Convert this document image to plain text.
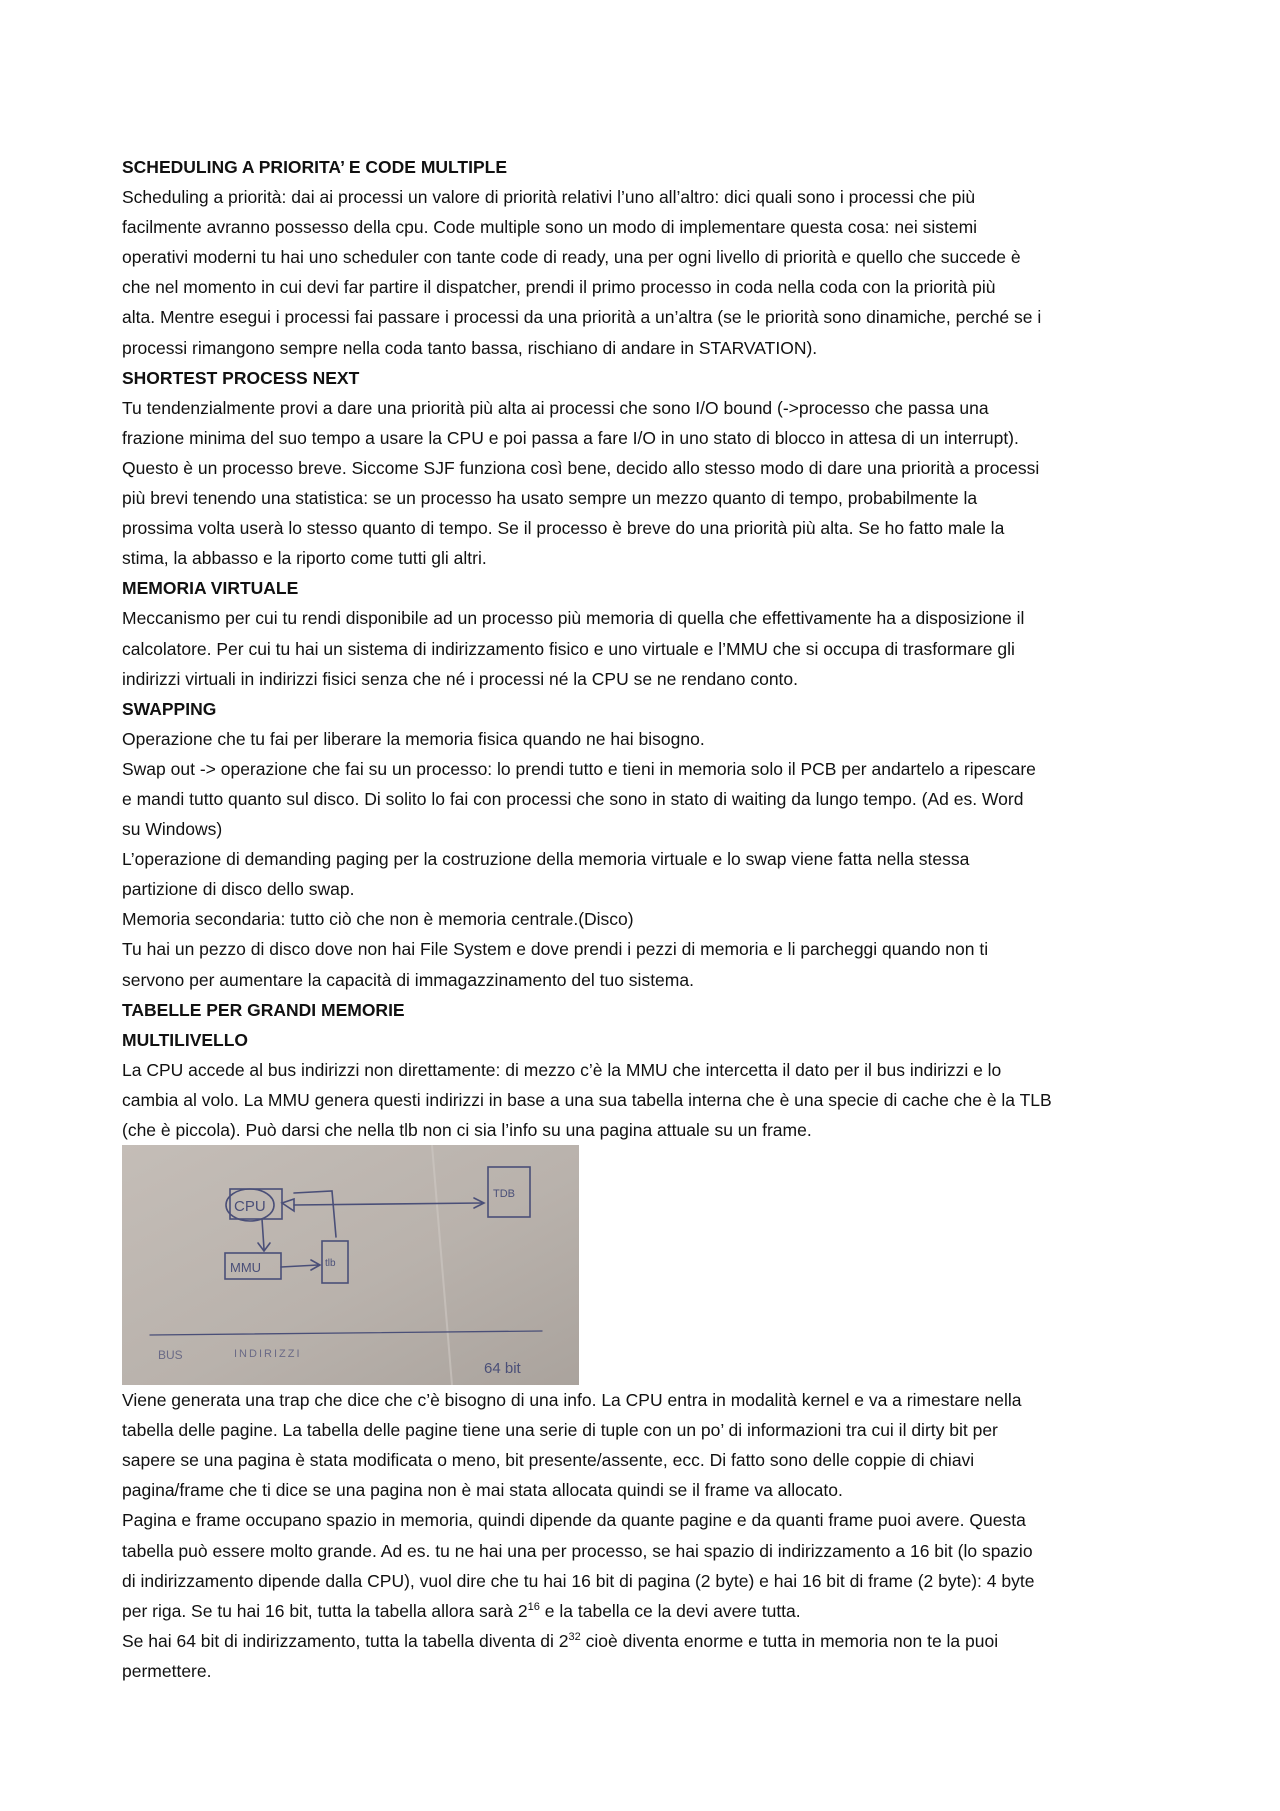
SCHEDULING A PRIORITA’ E CODE MULTIPLE

Scheduling a priorità: dai ai processi un valore di priorità relativi l’uno all’altro: dici quali sono i processi che più

facilmente avranno possesso della cpu. Code multiple sono un modo di implementare questa cosa: nei sistemi

operativi moderni tu hai uno scheduler con tante code di ready, una per ogni livello di priorità e quello che succede è

che nel momento in cui devi far partire il dispatcher, prendi il primo processo in coda nella coda con la priorità più

alta. Mentre esegui i processi fai passare i processi da una priorità a un’altra (se le priorità sono dinamiche, perché se i

processi rimangono sempre nella coda tanto bassa, rischiano di andare in STARVATION).

SHORTEST PROCESS NEXT

Tu tendenzialmente provi a dare una priorità più alta ai processi che sono I/O bound (->processo che passa una

frazione minima del suo tempo a usare la CPU e poi passa a fare I/O in uno stato di blocco in attesa di un interrupt).

Questo è un processo breve. Siccome SJF funziona così bene, decido allo stesso modo di dare una priorità a processi

più brevi tenendo una statistica: se un processo ha usato sempre un mezzo quanto di tempo, probabilmente la

prossima volta userà lo stesso quanto di tempo. Se il processo è breve do una priorità più alta. Se ho fatto male la

stima, la abbasso e la riporto come tutti gli altri.

MEMORIA VIRTUALE

Meccanismo per cui tu rendi disponibile ad un processo più memoria di quella che effettivamente ha a disposizione il

calcolatore. Per cui tu hai un sistema di indirizzamento fisico e uno virtuale e l’MMU che si occupa di trasformare gli

indirizzi virtuali in indirizzi fisici senza che né i processi né la CPU se ne rendano conto.

SWAPPING

Operazione che tu fai per liberare la memoria fisica quando ne hai bisogno.

Swap out -> operazione che fai su un processo: lo prendi tutto e tieni in memoria solo il PCB per andartelo a ripescare

e mandi tutto quanto sul disco. Di solito lo fai con processi che sono in stato di waiting da lungo tempo. (Ad es. Word

su Windows)

L’operazione di demanding paging per la costruzione della memoria virtuale e lo swap viene fatta nella stessa

partizione di disco dello swap.

Memoria secondaria: tutto ciò che non è memoria centrale.(Disco)

Tu hai un pezzo di disco dove non hai File System e dove prendi i pezzi di memoria e li parcheggi quando non ti

servono per aumentare la capacità di immagazzinamento del tuo sistema.

TABELLE PER GRANDI MEMORIE

MULTILIVELLO

La CPU accede al bus indirizzi non direttamente: di mezzo c’è la MMU che intercetta il dato per il bus indirizzi e lo

cambia al volo. La MMU genera questi indirizzi in base a una sua tabella interna che è una specie di cache che è la TLB

(che è piccola). Può darsi che nella tlb non ci sia l’info su una pagina attuale su un frame.

CPU
MMU	tlb
TDB
BUS	INDIRIZZI
64 bit

Viene generata una trap che dice che c’è bisogno di una info. La CPU entra in modalità kernel e va a rimestare nella

tabella delle pagine. La tabella delle pagine tiene una serie di tuple con un po’ di informazioni tra cui il dirty bit per

sapere se una pagina è stata modificata o meno, bit presente/assente, ecc. Di fatto sono delle coppie di chiavi

pagina/frame che ti dice se una pagina non è mai stata allocata quindi se il frame va allocato.

Pagina e frame occupano spazio in memoria, quindi dipende da quante pagine e da quanti frame puoi avere. Questa

tabella può essere molto grande. Ad es. tu ne hai una per processo, se hai spazio di indirizzamento a 16 bit (lo spazio

di indirizzamento dipende dalla CPU), vuol dire che tu hai 16 bit di pagina (2 byte) e hai 16 bit di frame (2 byte): 4 byte

per riga. Se tu hai 16 bit, tutta la tabella allora sarà $2^{16}$ e la tabella ce la devi avere tutta.

Se hai 64 bit di indirizzamento, tutta la tabella diventa di $2^{32}$ cioè diventa enorme e tutta in memoria non te la puoi

permettere.
